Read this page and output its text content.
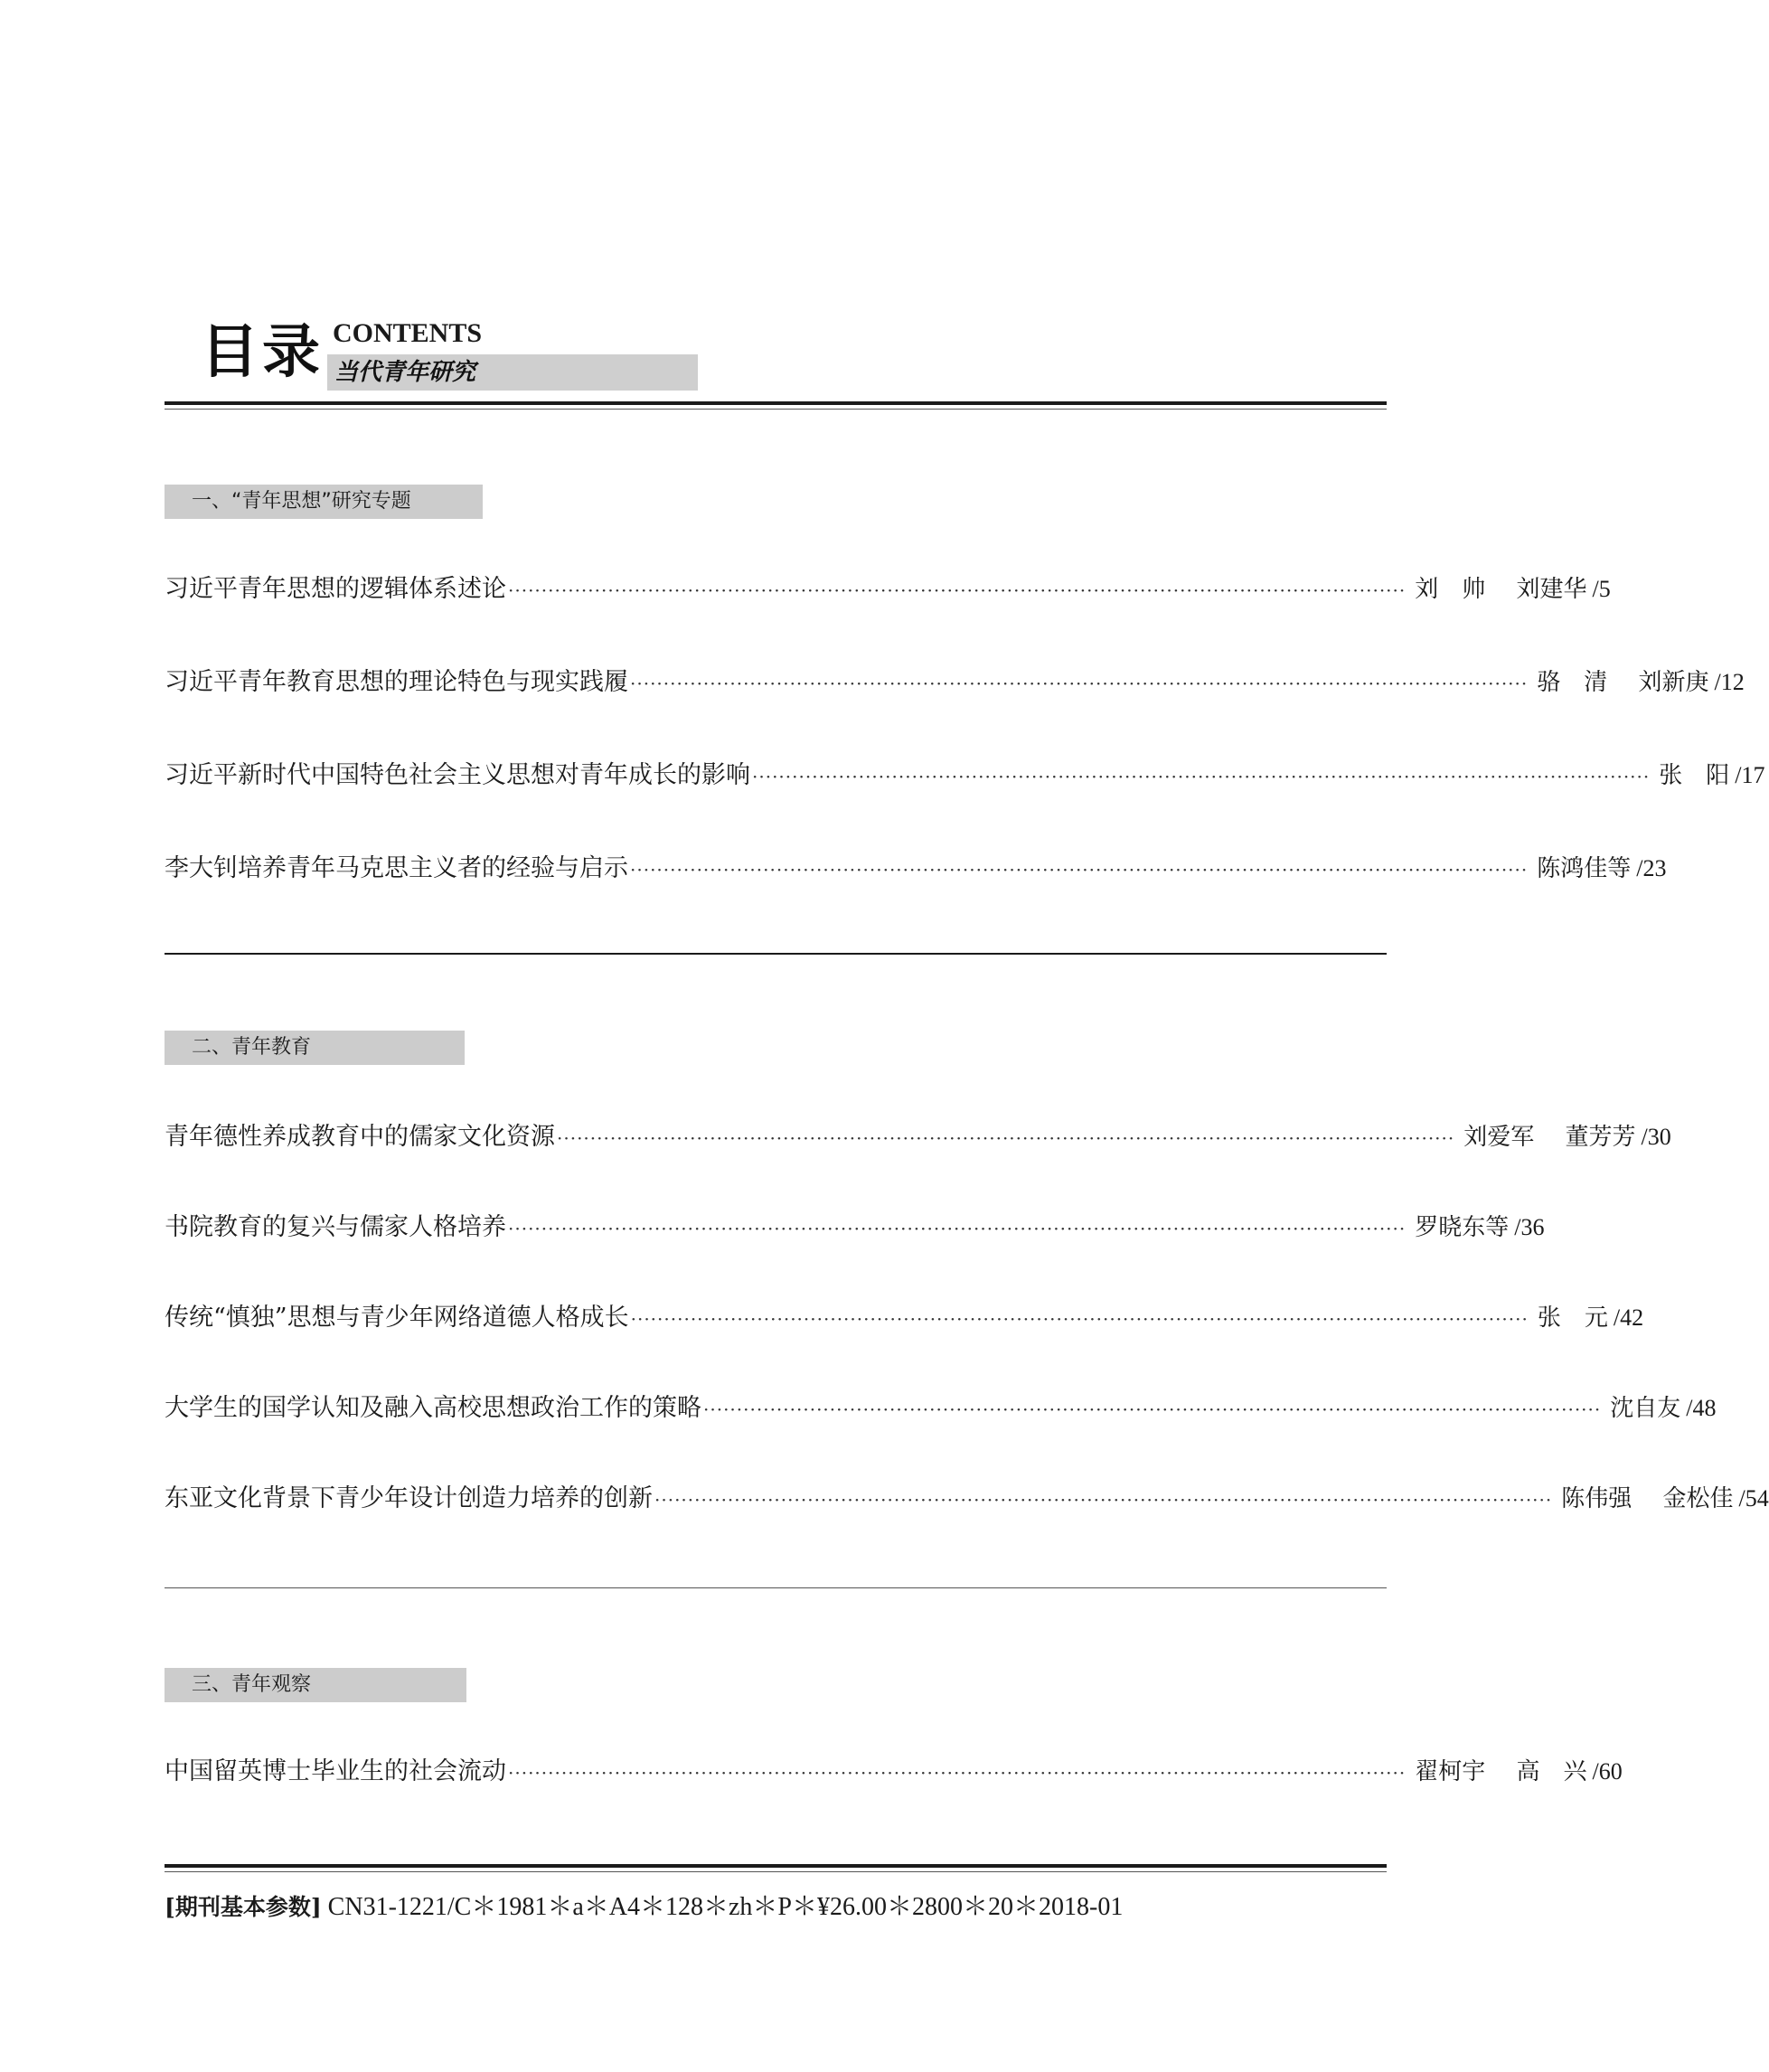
目录 CONTENTS
当代青年研究
一、“青年思想”研究专题
习近平青年思想的逻辑体系述论 ······································································································································· 刘　帅　 刘建华 /5
习近平青年教育思想的理论特色与现实践履 ······································································································································· 骆　清　 刘新庚 /12
习近平新时代中国特色社会主义思想对青年成长的影响 ······································································································································· 张　阳 /17
李大钊培养青年马克思主义者的经验与启示 ······································································································································· 陈鸿佳等 /23
二、青年教育
青年德性养成教育中的儒家文化资源 ······································································································································· 刘爱军　 董芳芳 /30
书院教育的复兴与儒家人格培养 ······································································································································· 罗晓东等 /36
传统“慎独”思想与青少年网络道德人格成长 ······································································································································· 张　元 /42
大学生的国学认知及融入高校思想政治工作的策略 ······································································································································· 沈自友 /48
东亚文化背景下青少年设计创造力培养的创新 ······································································································································· 陈伟强　 金松佳 /54
三、青年观察
中国留英博士毕业生的社会流动 ······································································································································· 翟柯宇　 高　兴 /60
[期刊基本参数] CN31-1221/C＊1981＊a＊A4＊128＊zh＊P＊¥26.00＊2800＊20＊2018-01
